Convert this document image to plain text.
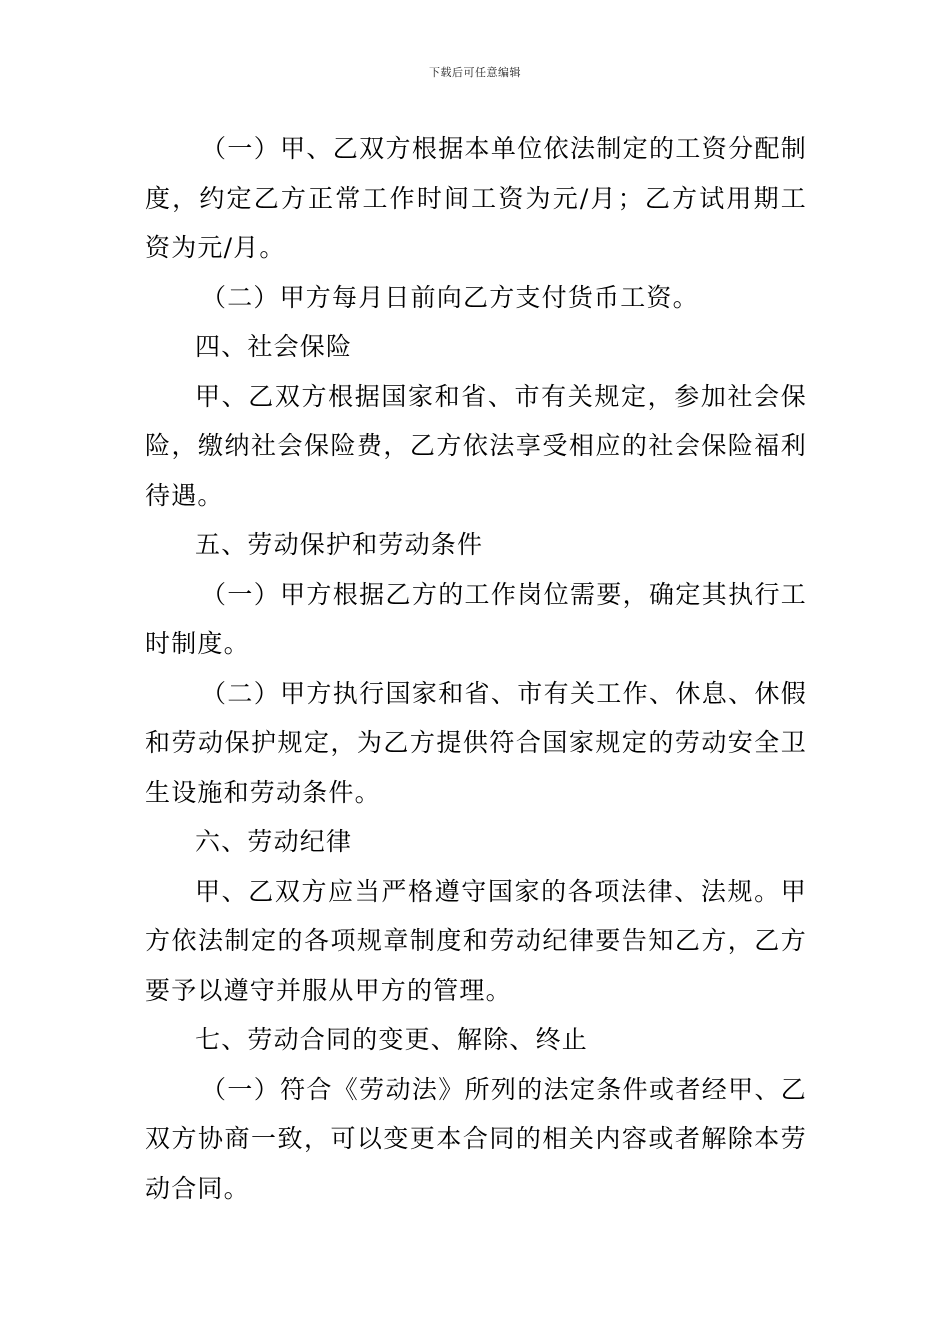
下载后可任意编辑

（一）甲、乙双方根据本单位依法制定的工资分配制度，约定乙方正常工作时间工资为元/月；乙方试用期工资为元/月。

（二）甲方每月日前向乙方支付货币工资。

四、社会保险

甲、乙双方根据国家和省、市有关规定，参加社会保险，缴纳社会保险费，乙方依法享受相应的社会保险福利待遇。

五、劳动保护和劳动条件

（一）甲方根据乙方的工作岗位需要，确定其执行工时制度。

（二）甲方执行国家和省、市有关工作、休息、休假和劳动保护规定，为乙方提供符合国家规定的劳动安全卫生设施和劳动条件。

六、劳动纪律

甲、乙双方应当严格遵守国家的各项法律、法规。甲方依法制定的各项规章制度和劳动纪律要告知乙方，乙方要予以遵守并服从甲方的管理。

七、劳动合同的变更、解除、终止

（一）符合《劳动法》所列的法定条件或者经甲、乙双方协商一致，可以变更本合同的相关内容或者解除本劳动合同。
